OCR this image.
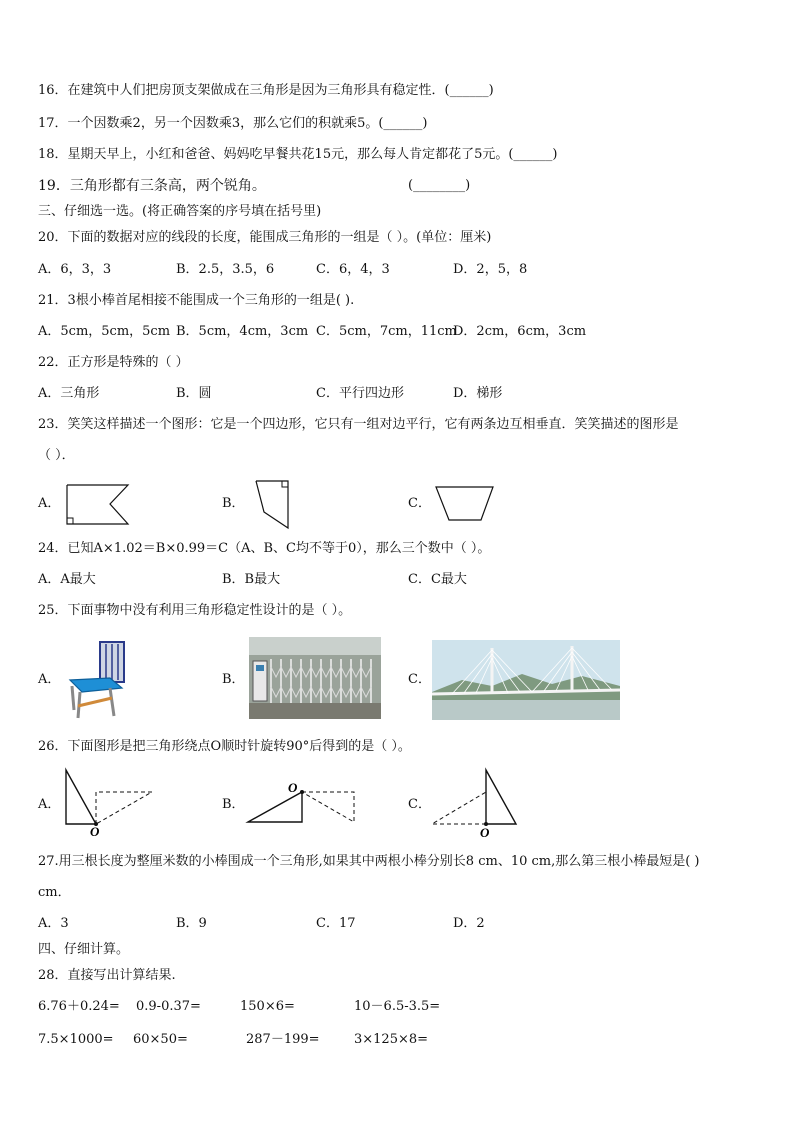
16．在建筑中人们把房顶支架做成在三角形是因为三角形具有稳定性．(______)
17．一个因数乘2，另一个因数乘3，那么它们的积就乘5。(______)
18．星期天早上，小红和爸爸、妈妈吃早餐共花15元，那么每人肯定都花了5元。(______)
19．三角形都有三条高，两个锐角。	(________)
三、仔细选一选。(将正确答案的序号填在括号里)
20．下面的数据对应的线段的长度，能围成三角形的一组是（ ）。(单位：厘米)
A．6，3，3	B．2.5，3.5，6	C．6，4，3	D．2，5，8
21．3根小棒首尾相接不能围成一个三角形的一组是( ).
A．5cm，5cm，5cm B．5cm，4cm，3cm C．5cm，7cm，11cm
D．2cm，6cm，3cm
22．正方形是特殊的（ ）
A．三角形	B．圆	C．平行四边形	D．梯形
23．笑笑这样描述一个图形：它是一个四边形，它只有一组对边平行，它有两条边互相垂直．笑笑描述的图形是
（ ）．
A．	B．	C．
24．已知A×1.02＝B×0.99＝C（A、B、C均不等于0），那么三个数中（ ）。
A．A最大	B．B最大	C．C最大
25．下面事物中没有利用三角形稳定性设计的是（ ）。
A．	B．	C．
26．下面图形是把三角形绕点O顺时针旋转90°后得到的是（ ）。
A．
O
B．
O
C．
O
27.用三根长度为整厘米数的小棒围成一个三角形,如果其中两根小棒分别长8 cm、10 cm,那么第三根小棒最短是( )
cm．
A．3	B．9	C．17	D．2
四、仔细计算。
28．直接写出计算结果.
6.76＋0.24= 0.9-0.37=	150×6=	10－6.5-3.5=
7.5×1000= 60×50=	287－199=	3×125×8=
